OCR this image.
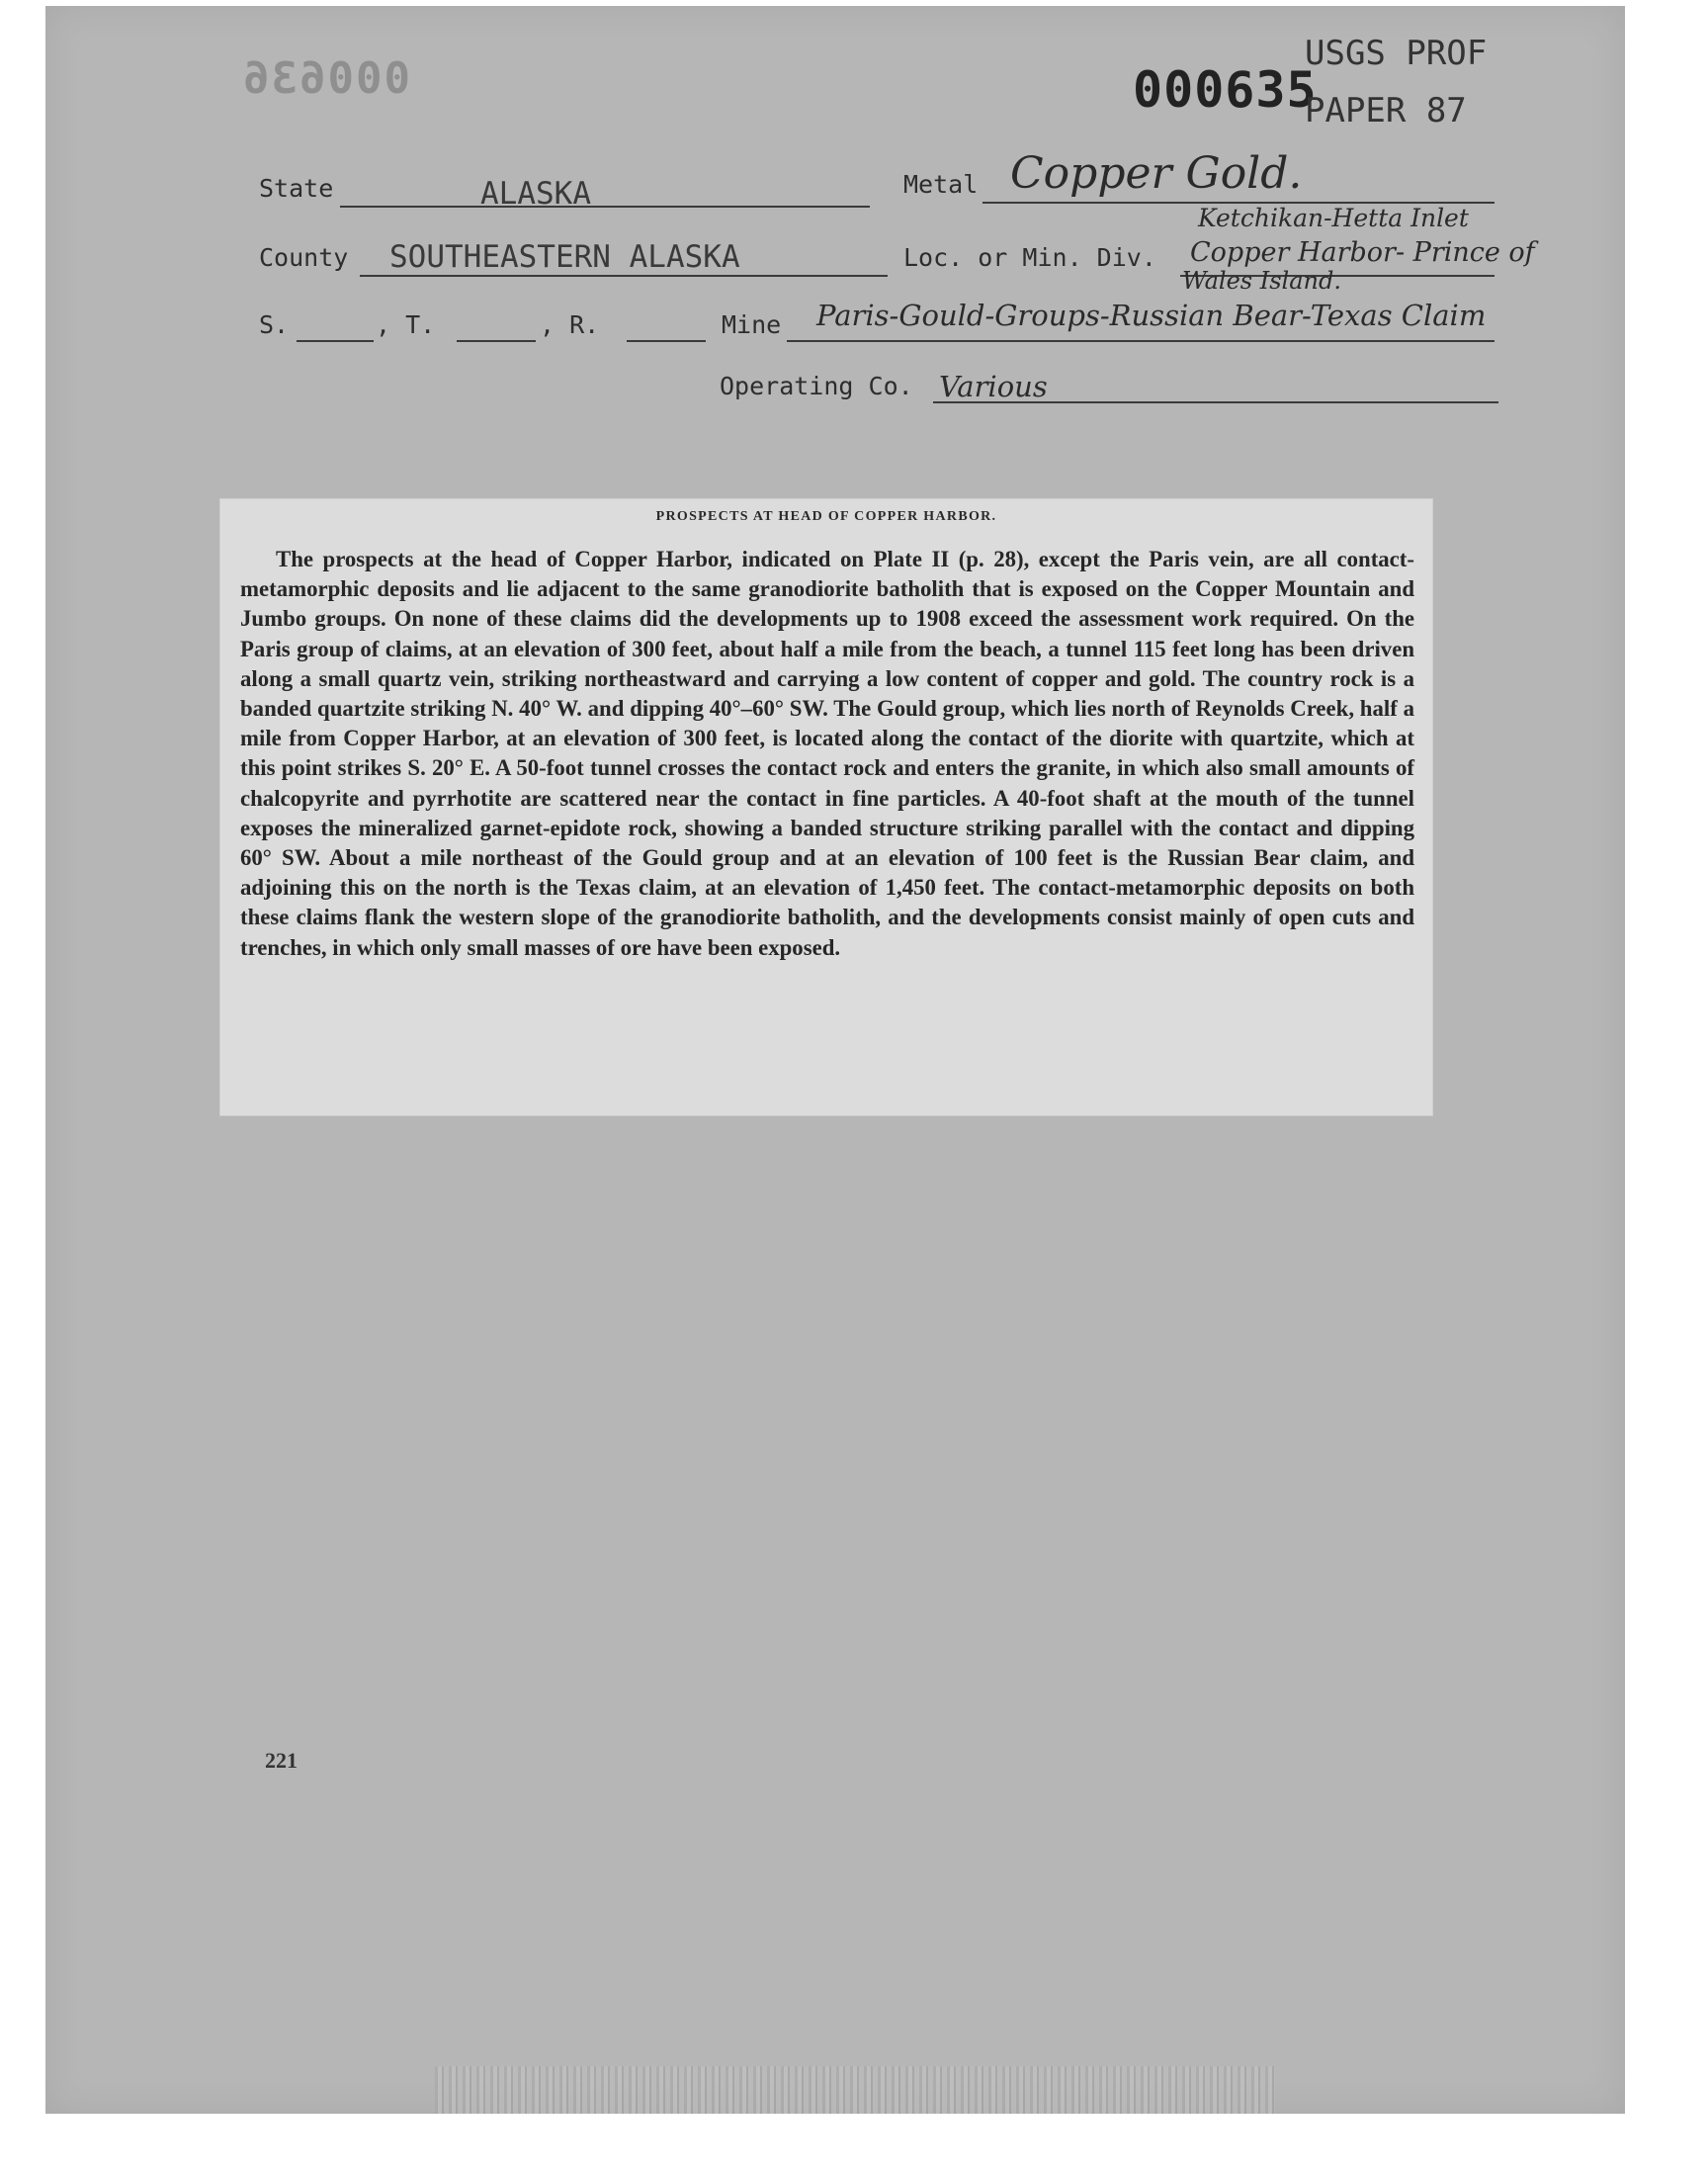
000636	000635
USGS PROF
PAPER 87
State	ALASKA	Metal Copper Gold.
County SOUTHEASTERN ALASKA	Loc. or Min. Div.
Ketchikan-Hetta Inlet
Copper Harbor- Prince of
Wales Island.
S.	, T.	, R.	Mine Paris-Gould-Groups-Russian Bear-Texas Claim
Operating Co. Various
PROSPECTS AT HEAD OF COPPER HARBOR.

The prospects at the head of Copper Harbor, indicated on Plate II (p. 28), except the Paris vein, are all contact-metamorphic deposits and lie adjacent to the same granodiorite batholith that is exposed on the Copper Mountain and Jumbo groups. On none of these claims did the developments up to 1908 exceed the assessment work required. On the Paris group of claims, at an elevation of 300 feet, about half a mile from the beach, a tunnel 115 feet long has been driven along a small quartz vein, striking northeastward and carrying a low content of copper and gold. The country rock is a banded quartzite striking N. 40° W. and dipping 40°–60° SW. The Gould group, which lies north of Reynolds Creek, half a mile from Copper Harbor, at an elevation of 300 feet, is located along the contact of the diorite with quartzite, which at this point strikes S. 20° E. A 50-foot tunnel crosses the contact rock and enters the granite, in which also small amounts of chalcopyrite and pyrrhotite are scattered near the contact in fine particles. A 40-foot shaft at the mouth of the tunnel exposes the mineralized garnet-epidote rock, showing a banded structure striking parallel with the contact and dipping 60° SW. About a mile northeast of the Gould group and at an elevation of 100 feet is the Russian Bear claim, and adjoining this on the north is the Texas claim, at an elevation of 1,450 feet. The contact-metamorphic deposits on both these claims flank the western slope of the granodiorite batholith, and the developments consist mainly of open cuts and trenches, in which only small masses of ore have been exposed.

221
